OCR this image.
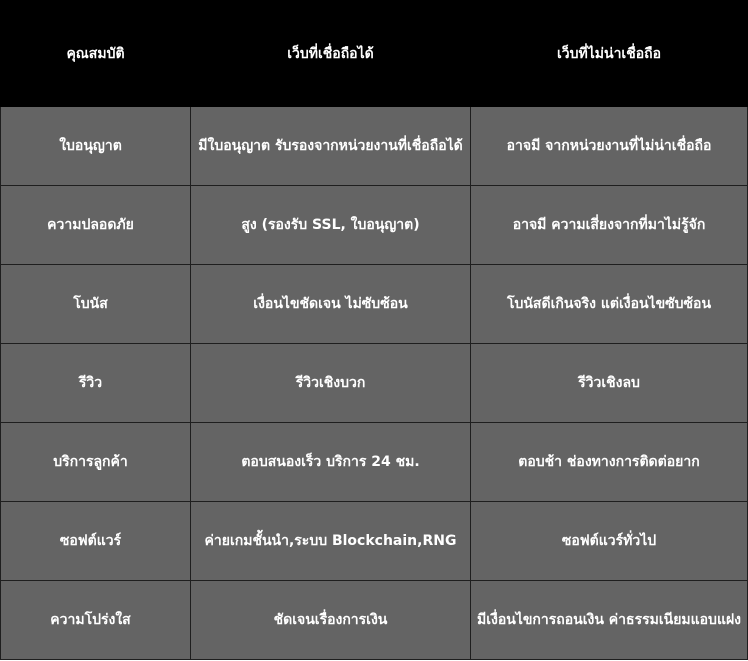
คุณสมบัติ	เว็บที่เชื่อถือได้	เว็บที่ไม่น่าเชื่อถือ
ใบอนุญาต	มีใบอนุญาต รับรองจากหน่วยงานที่เชื่อถือได้	อาจมี จากหน่วยงานที่ไม่น่าเชื่อถือ
ความปลอดภัย	สูง (รองรับ SSL, ใบอนุญาต)	อาจมี ความเสี่ยงจากที่มาไม่รู้จัก
โบนัส	เงื่อนไขชัดเจน ไม่ซับซ้อน	โบนัสดีเกินจริง แต่เงื่อนไขซับซ้อน
รีวิว	รีวิวเชิงบวก	รีวิวเชิงลบ
บริการลูกค้า	ตอบสนองเร็ว บริการ 24 ชม.	ตอบช้า ช่องทางการติดต่อยาก
ซอฟต์แวร์	ค่ายเกมชั้นนำ,ระบบ Blockchain,RNG	ซอฟต์แวร์ทั่วไป
ความโปร่งใส	ชัดเจนเรื่องการเงิน	มีเงื่อนไขการถอนเงิน ค่าธรรมเนียมแอบแฝง
